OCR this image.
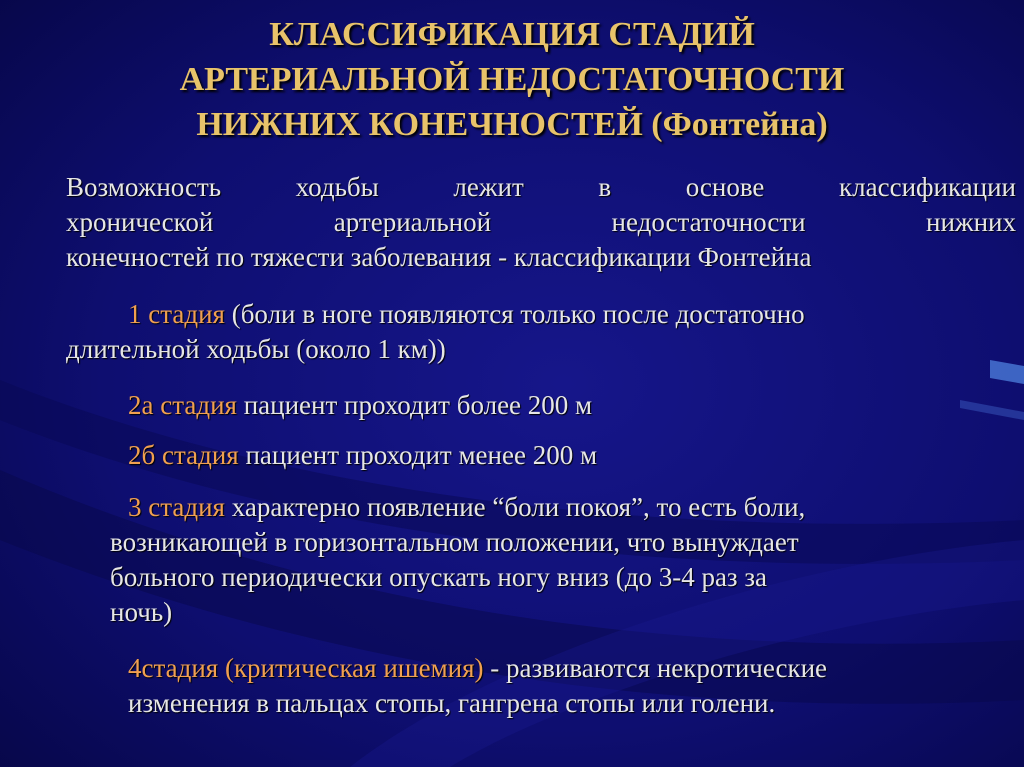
КЛАССИФИКАЦИЯ СТАДИЙ
АРТЕРИАЛЬНОЙ НЕДОСТАТОЧНОСТИ
НИЖНИХ КОНЕЧНОСТЕЙ (Фонтейна)
Возможность ходьбы лежит в основе классификации
хронической артериальной недостаточности нижних
конечностей по тяжести заболевания - классификации Фонтейна
1 стадия (боли в ноге появляются только после достаточно
длительной ходьбы (около 1 км))
2а стадия пациент проходит более 200 м
2б стадия пациент проходит менее 200 м
3 стадия характерно появление “боли покоя”, то есть боли,
возникающей в горизонтальном положении, что вынуждает
больного периодически опускать ногу вниз (до 3-4 раз за
ночь)
4стадия (критическая ишемия) - развиваются некротические
изменения в пальцах стопы, гангрена стопы или голени.
